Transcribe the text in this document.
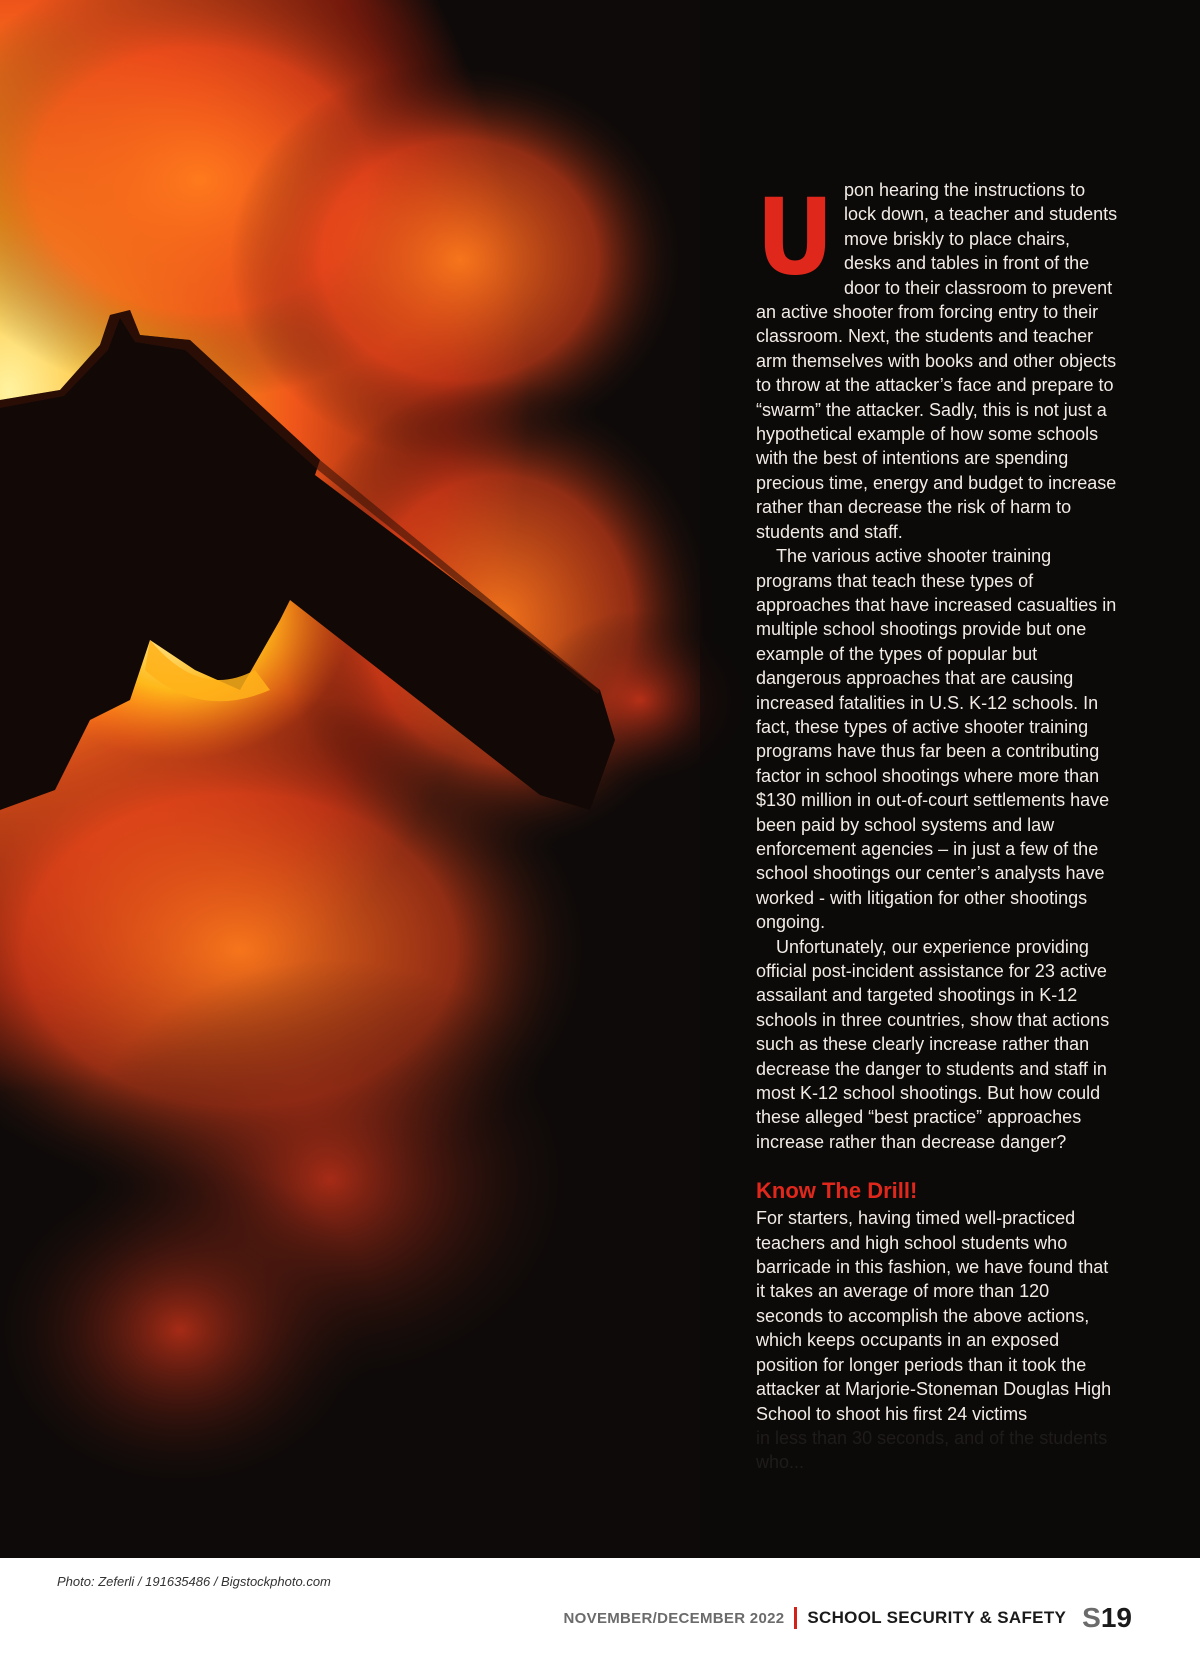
Upon hearing the instructions to lock down, a teacher and students move briskly to place chairs, desks and tables in front of the door to their classroom to prevent an active shooter from forcing entry to their classroom. Next, the students and teacher arm themselves with books and other objects to throw at the attacker’s face and prepare to “swarm” the attacker. Sadly, this is not just a hypothetical example of how some schools with the best of intentions are spending precious time, energy and budget to increase rather than decrease the risk of harm to students and staff.

The various active shooter training programs that teach these types of approaches that have increased casualties in multiple school shootings provide but one example of the types of popular but dangerous approaches that are causing increased fatalities in U.S. K-12 schools. In fact, these types of active shooter training programs have thus far been a contributing factor in school shootings where more than $130 million in out-of-court settlements have been paid by school systems and law enforcement agencies – in just a few of the school shootings our center’s analysts have worked - with litigation for other shootings ongoing.

Unfortunately, our experience providing official post-incident assistance for 23 active assailant and targeted shootings in K-12 schools in three countries, show that actions such as these clearly increase rather than decrease the danger to students and staff in most K-12 school shootings. But how could these alleged “best practice” approaches increase rather than decrease danger?

Know The Drill!

For starters, having timed well-practiced teachers and high school students who barricade in this fashion, we have found that it takes an average of more than 120 seconds to accomplish the above actions, which keeps occupants in an exposed position for longer periods than it took the attacker at Marjorie-Stoneman Douglas High School to shoot his first 24 victims
in less than 30 seconds, and of the students who...

Photo: Zeferli / 191635486 / Bigstockphoto.com
NOVEMBER/DECEMBER 2022 SCHOOL SECURITY & SAFETY S19
